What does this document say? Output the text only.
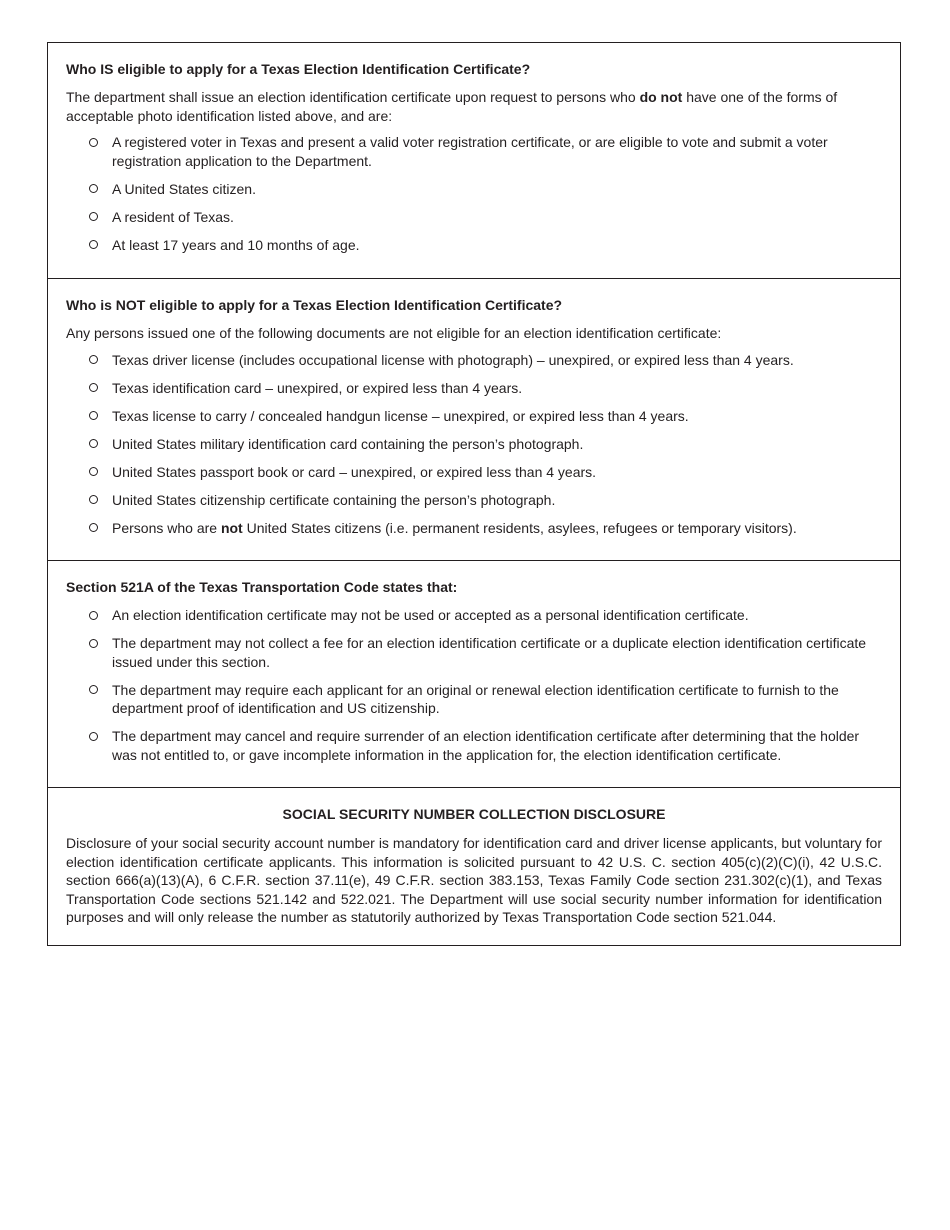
Who IS eligible to apply for a Texas Election Identification Certificate?

The department shall issue an election identification certificate upon request to persons who do not have one of the forms of acceptable photo identification listed above, and are:

A registered voter in Texas and present a valid voter registration certificate, or are eligible to vote and submit a voter registration application to the Department.
A United States citizen.
A resident of Texas.
At least 17 years and 10 months of age.
Who is NOT eligible to apply for a Texas Election Identification Certificate?

Any persons issued one of the following documents are not eligible for an election identification certificate:

Texas driver license (includes occupational license with photograph) – unexpired, or expired less than 4 years.
Texas identification card – unexpired, or expired less than 4 years.
Texas license to carry / concealed handgun license – unexpired, or expired less than 4 years.
United States military identification card containing the person’s photograph.
United States passport book or card – unexpired, or expired less than 4 years.
United States citizenship certificate containing the person’s photograph.
Persons who are not United States citizens (i.e. permanent residents, asylees, refugees or temporary visitors).
Section 521A of the Texas Transportation Code states that:
An election identification certificate may not be used or accepted as a personal identification certificate.
The department may not collect a fee for an election identification certificate or a duplicate election identification certificate issued under this section.
The department may require each applicant for an original or renewal election identification certificate to furnish to the department proof of identification and US citizenship.
The department may cancel and require surrender of an election identification certificate after determining that the holder was not entitled to, or gave incomplete information in the application for, the election identification certificate.
SOCIAL SECURITY NUMBER COLLECTION DISCLOSURE

Disclosure of your social security account number is mandatory for identification card and driver license applicants, but voluntary for election identification certificate applicants. This information is solicited pursuant to 42 U.S. C. section 405(c)(2)(C)(i), 42 U.S.C. section 666(a)(13)(A), 6 C.F.R. section 37.11(e), 49 C.F.R. section 383.153, Texas Family Code section 231.302(c)(1), and Texas Transportation Code sections 521.142 and 522.021. The Department will use social security number information for identification purposes and will only release the number as statutorily authorized by Texas Transportation Code section 521.044.
